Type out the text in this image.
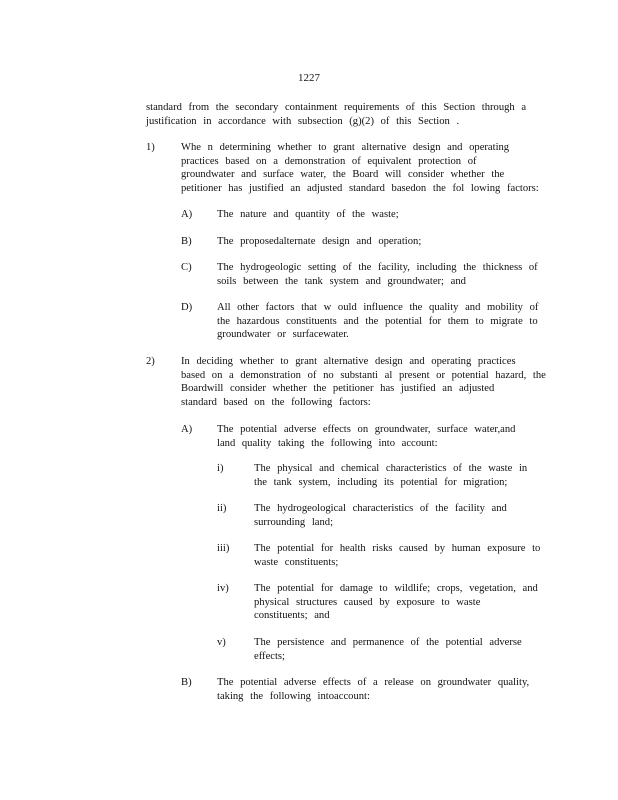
1227
standard from the secondary containment requirements of this Section through a
justification in accordance with subsection (g)(2) of this Section .
1) Whe n determining whether to grant alternative design and operating
practices based on a demonstration of equivalent protection of
groundwater and surface water, the Board will consider whether the
petitioner has justified an adjusted standard basedon the fol lowing factors:
A) The nature and quantity of the waste;
B) The proposedalternate design and operation;
C) The hydrogeologic setting of the facility, including the thickness of
soils between the tank system and groundwater; and
D) All other factors that w ould influence the quality and mobility of
the hazardous constituents and the potential for them to migrate to
groundwater or surfacewater.
2) In deciding whether to grant alternative design and operating practices
based on a demonstration of no substanti al present or potential hazard, the
Boardwill consider whether the petitioner has justified an adjusted
standard based on the following factors:
A) The potential adverse effects on groundwater, surface water,and
land quality taking the following into account:
i)	The physical and chemical characteristics of the waste in
the tank system, including its potential for migration;
ii)	The hydrogeological characteristics of the facility and
surrounding land;
iii) The potential for health risks caused by human exposure to
waste constituents;
iv) The potential for damage to wildlife; crops, vegetation, and
physical structures caused by exposure to waste
constituents; and
v)	The persistence and permanence of the potential adverse
effects;
B) The potential adverse effects of a release on groundwater quality,
taking the following intoaccount:
